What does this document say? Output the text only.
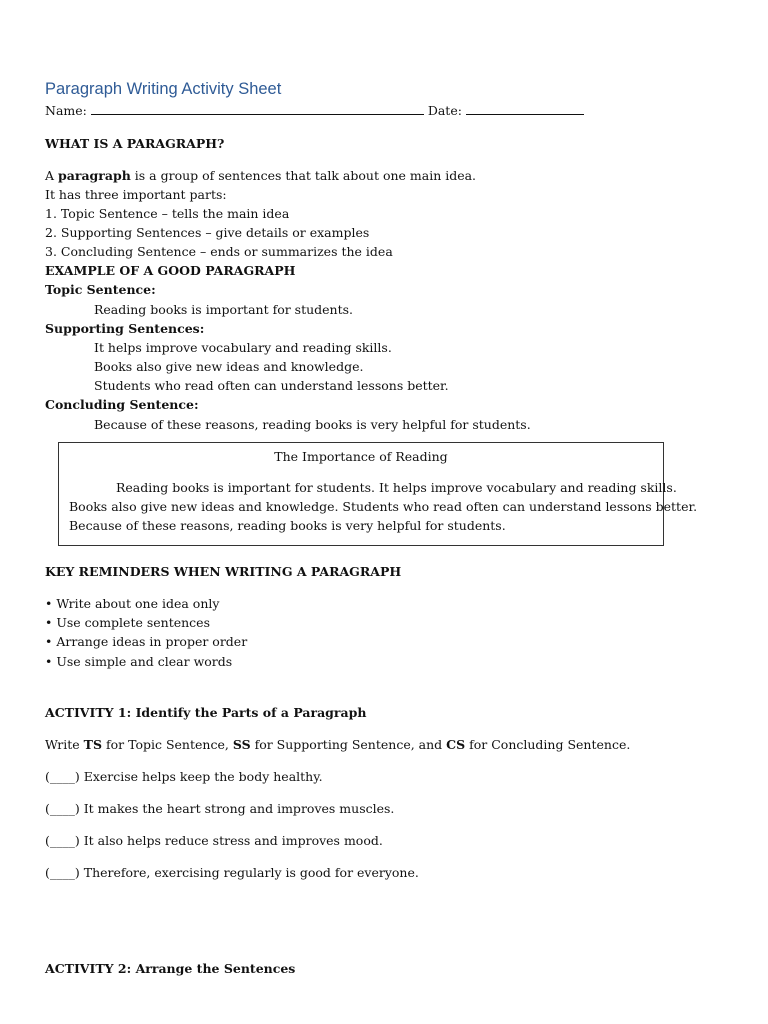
Paragraph Writing Activity Sheet
Name:	Date:
WHAT IS A PARAGRAPH?
A paragraph is a group of sentences that talk about one main idea.
It has three important parts:
1. Topic Sentence – tells the main idea
2. Supporting Sentences – give details or examples
3. Concluding Sentence – ends or summarizes the idea
EXAMPLE OF A GOOD PARAGRAPH
Topic Sentence:
Reading books is important for students.
Supporting Sentences:
It helps improve vocabulary and reading skills.
Books also give new ideas and knowledge.
Students who read often can understand lessons better.
Concluding Sentence:
Because of these reasons, reading books is very helpful for students.
The Importance of Reading
Reading books is important for students. It helps improve vocabulary and reading skills.
Books also give new ideas and knowledge. Students who read often can understand lessons better.
Because of these reasons, reading books is very helpful for students.
KEY REMINDERS WHEN WRITING A PARAGRAPH
• Write about one idea only
• Use complete sentences
• Arrange ideas in proper order
• Use simple and clear words
ACTIVITY 1: Identify the Parts of a Paragraph
Write TS for Topic Sentence, SS for Supporting Sentence, and CS for Concluding Sentence.
(____) Exercise helps keep the body healthy.
(____) It makes the heart strong and improves muscles.
(____) It also helps reduce stress and improves mood.
(____) Therefore, exercising regularly is good for everyone.
ACTIVITY 2: Arrange the Sentences
